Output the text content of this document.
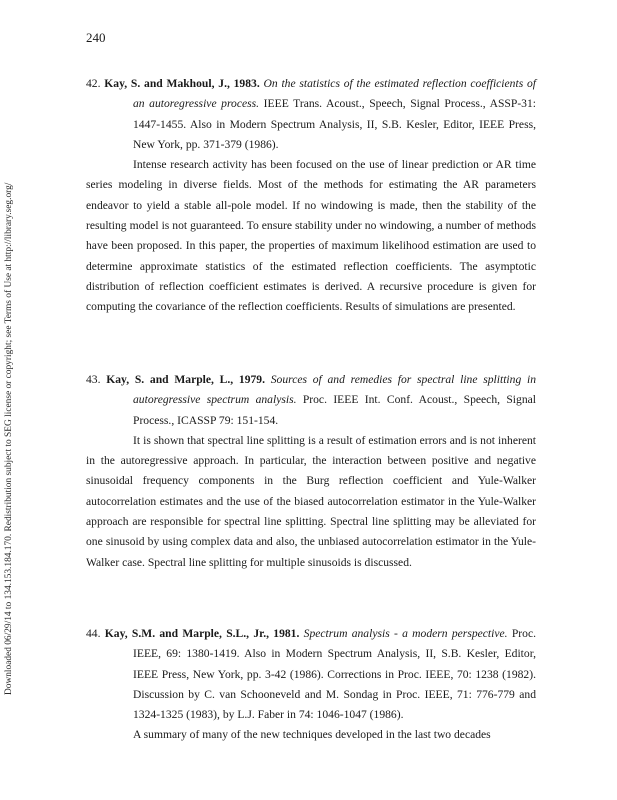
240
Downloaded 06/29/14 to 134.153.184.170. Redistribution subject to SEG license or copyright; see Terms of Use at http://library.seg.org/
42. Kay, S. and Makhoul, J., 1983. On the statistics of the estimated reflection coefficients of an autoregressive process. IEEE Trans. Acoust., Speech, Signal Process., ASSP-31: 1447-1455. Also in Modern Spectrum Analysis, II, S.B. Kesler, Editor, IEEE Press, New York, pp. 371-379 (1986).

Intense research activity has been focused on the use of linear prediction or AR time series modeling in diverse fields. Most of the methods for estimating the AR parameters endeavor to yield a stable all-pole model. If no windowing is made, then the stability of the resulting model is not guaranteed. To ensure stability under no windowing, a number of methods have been proposed. In this paper, the properties of maximum likelihood estimation are used to determine approximate statistics of the estimated reflection coefficients. The asymptotic distribution of reflection coefficient estimates is derived. A recursive procedure is given for computing the covariance of the reflection coefficients. Results of simulations are presented.

43. Kay, S. and Marple, L., 1979. Sources of and remedies for spectral line splitting in autoregressive spectrum analysis. Proc. IEEE Int. Conf. Acoust., Speech, Signal Process., ICASSP 79: 151-154.

It is shown that spectral line splitting is a result of estimation errors and is not inherent in the autoregressive approach. In particular, the interaction between positive and negative sinusoidal frequency components in the Burg reflection coefficient and Yule-Walker autocorrelation estimates and the use of the biased autocorrelation estimator in the Yule-Walker approach are responsible for spectral line splitting. Spectral line splitting may be alleviated for one sinusoid by using complex data and also, the unbiased autocorrelation estimator in the Yule-Walker case. Spectral line splitting for multiple sinusoids is discussed.

44. Kay, S.M. and Marple, S.L., Jr., 1981. Spectrum analysis - a modern perspective. Proc. IEEE, 69: 1380-1419. Also in Modern Spectrum Analysis, II, S.B. Kesler, Editor, IEEE Press, New York, pp. 3-42 (1986). Corrections in Proc. IEEE, 70: 1238 (1982). Discussion by C. van Schooneveld and M. Sondag in Proc. IEEE, 71: 776-779 and 1324-1325 (1983), by L.J. Faber in 74: 1046-1047 (1986).

A summary of many of the new techniques developed in the last two decades
